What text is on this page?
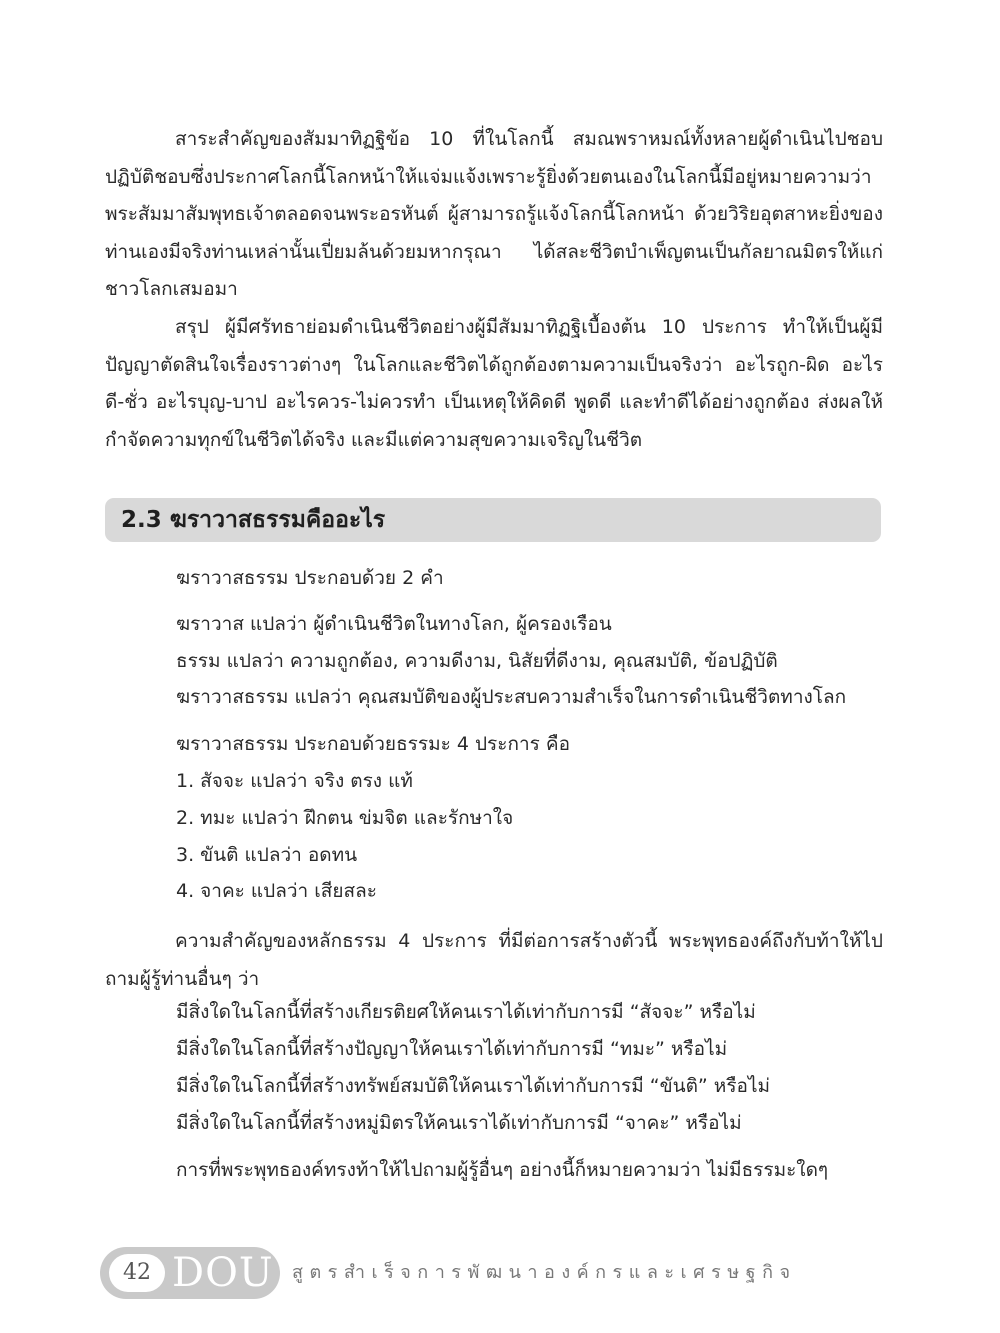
สาระสำคัญของสัมมาทิฏฐิข้อ 10 ที่ในโลกนี้ สมณพราหมณ์ทั้งหลายผู้ดำเนินไปชอบ ปฏิบัติชอบซึ่งประกาศโลกนี้โลกหน้าให้แจ่มแจ้งเพราะรู้ยิ่งด้วยตนเองในโลกนี้มีอยู่หมายความว่า พระสัมมาสัมพุทธเจ้าตลอดจนพระอรหันต์ ผู้สามารถรู้แจ้งโลกนี้โลกหน้า ด้วยวิริยอุตสาหะยิ่งของท่านเองมีจริงท่านเหล่านั้นเปี่ยมล้นด้วยมหากรุณา ได้สละชีวิตบำเพ็ญตนเป็นกัลยาณมิตรให้แก่ชาวโลกเสมอมา

สรุป ผู้มีศรัทธาย่อมดำเนินชีวิตอย่างผู้มีสัมมาทิฏฐิเบื้องต้น 10 ประการ ทำให้เป็นผู้มีปัญญาตัดสินใจเรื่องราวต่างๆ ในโลกและชีวิตได้ถูกต้องตามความเป็นจริงว่า อะไรถูก-ผิด อะไรดี-ชั่ว อะไรบุญ-บาป อะไรควร-ไม่ควรทำ เป็นเหตุให้คิดดี พูดดี และทำดีได้อย่างถูกต้อง ส่งผลให้กำจัดความทุกข์ในชีวิตได้จริง และมีแต่ความสุขความเจริญในชีวิต

2.3 ฆราวาสธรรมคืออะไร
ฆราวาสธรรม ประกอบด้วย 2 คำ
ฆราวาส แปลว่า ผู้ดำเนินชีวิตในทางโลก, ผู้ครองเรือน
ธรรม แปลว่า ความถูกต้อง, ความดีงาม, นิสัยที่ดีงาม, คุณสมบัติ, ข้อปฏิบัติ
ฆราวาสธรรม แปลว่า คุณสมบัติของผู้ประสบความสำเร็จในการดำเนินชีวิตทางโลก
ฆราวาสธรรม ประกอบด้วยธรรมะ 4 ประการ คือ
1. สัจจะ แปลว่า จริง ตรง แท้
2. ทมะ แปลว่า ฝึกตน ข่มจิต และรักษาใจ
3. ขันติ แปลว่า อดทน
4. จาคะ แปลว่า เสียสละ

ความสำคัญของหลักธรรม 4 ประการ ที่มีต่อการสร้างตัวนี้ พระพุทธองค์ถึงกับท้าให้ไปถามผู้รู้ท่านอื่นๆ ว่า

มีสิ่งใดในโลกนี้ที่สร้างเกียรติยศให้คนเราได้เท่ากับการมี “สัจจะ” หรือไม่
มีสิ่งใดในโลกนี้ที่สร้างปัญญาให้คนเราได้เท่ากับการมี “ทมะ” หรือไม่
มีสิ่งใดในโลกนี้ที่สร้างทรัพย์สมบัติให้คนเราได้เท่ากับการมี “ขันติ” หรือไม่
มีสิ่งใดในโลกนี้ที่สร้างหมู่มิตรให้คนเราได้เท่ากับการมี “จาคะ” หรือไม่
การที่พระพุทธองค์ทรงท้าให้ไปถามผู้รู้อื่นๆ อย่างนี้ก็หมายความว่า ไม่มีธรรมะใดๆ
42 DOU สูตรสำเร็จการพัฒนาองค์กรและเศรษฐกิจ
